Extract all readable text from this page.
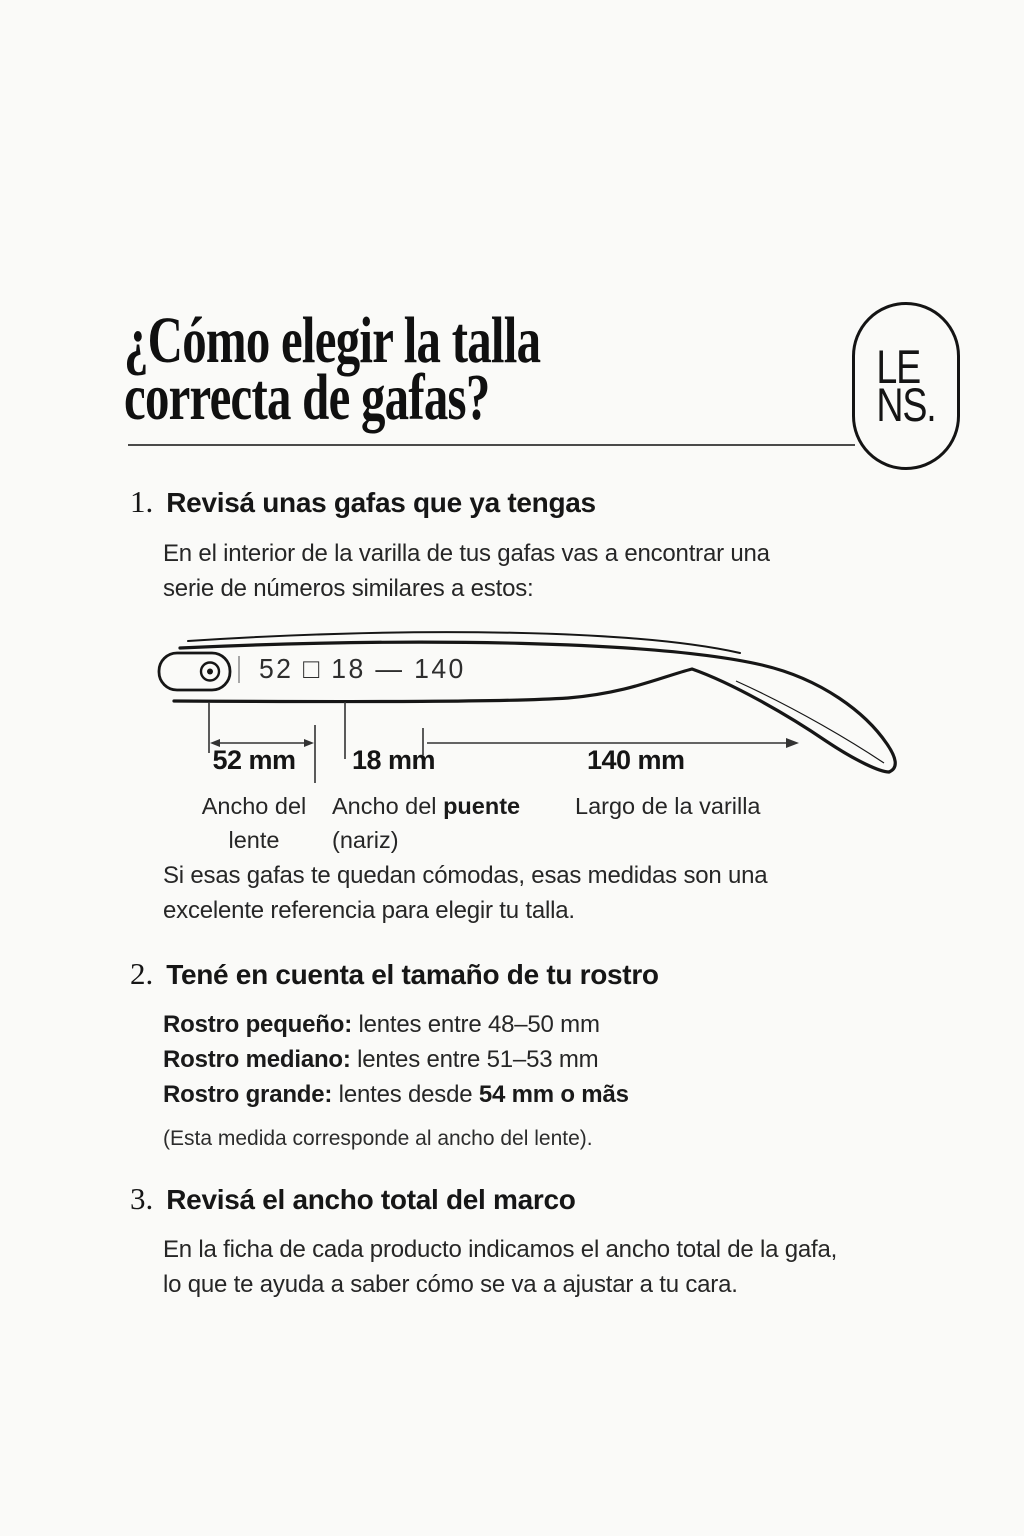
¿Cómo elegir la talla
correcta de gafas?	LE
NS.
1. Revisá unas gafas que ya tengas
En el interior de la varilla de tus gafas vas a encontrar una
serie de números similares a estos:
52 □ 18 — 140
52 mm
Ancho del
lente
18 mm
Ancho del puente
(nariz)
140 mm
Largo de la varilla
Si esas gafas te quedan cómodas, esas medidas son una
excelente referencia para elegir tu talla.
2. Tené en cuenta el tamaño de tu rostro
Rostro pequeño: lentes entre 48–50 mm
Rostro mediano: lentes entre 51–53 mm
Rostro grande: lentes desde 54 mm o mãs
(Esta medida corresponde al ancho del lente).
3. Revisá el ancho total del marco
En la ficha de cada producto indicamos el ancho total de la gafa,
lo que te ayuda a saber cómo se va a ajustar a tu cara.
